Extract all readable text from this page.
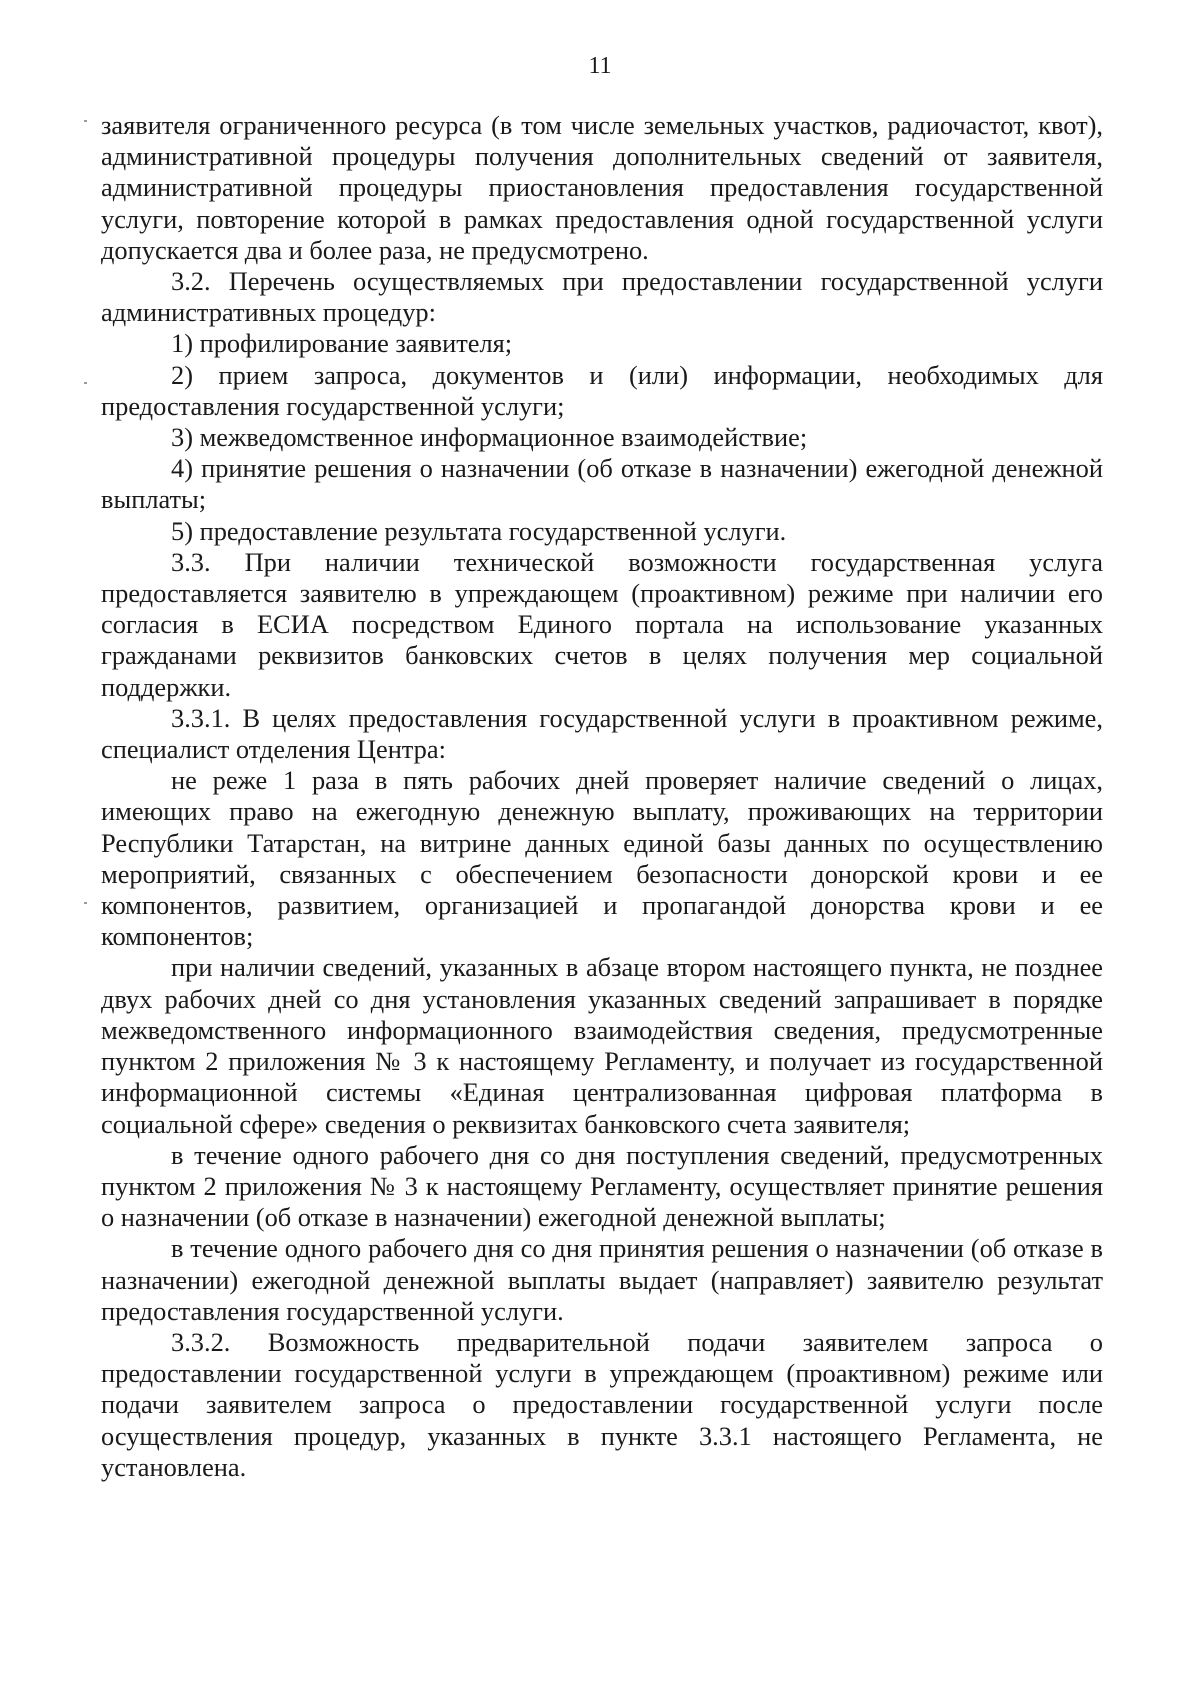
11

заявителя ограниченного ресурса (в том числе земельных участков, радиочастот, квот), административной процедуры получения дополнительных сведений от заявителя, административной процедуры приостановления предоставления государственной услуги, повторение которой в рамках предоставления одной государственной услуги допускается два и более раза, не предусмотрено.

3.2. Перечень осуществляемых при предоставлении государственной услуги административных процедур:

1) профилирование заявителя;

2) прием запроса, документов и (или) информации, необходимых для предоставления государственной услуги;

3) межведомственное информационное взаимодействие;

4) принятие решения о назначении (об отказе в назначении) ежегодной денежной выплаты;

5) предоставление результата государственной услуги.

3.3. При наличии технической возможности государственная услуга предоставляется заявителю в упреждающем (проактивном) режиме при наличии его согласия в ЕСИА посредством Единого портала на использование указанных гражданами реквизитов банковских счетов в целях получения мер социальной поддержки.

3.3.1. В целях предоставления государственной услуги в проактивном режиме, специалист отделения Центра:

не реже 1 раза в пять рабочих дней проверяет наличие сведений о лицах, имеющих право на ежегодную денежную выплату, проживающих на территории Республики Татарстан, на витрине данных единой базы данных по осуществлению мероприятий, связанных с обеспечением безопасности донорской крови и ее компонентов, развитием, организацией и пропагандой донорства крови и ее компонентов;

при наличии сведений, указанных в абзаце втором настоящего пункта, не позднее двух рабочих дней со дня установления указанных сведений запрашивает в порядке межведомственного информационного взаимодействия сведения, предусмотренные пунктом 2 приложения № 3 к настоящему Регламенту, и получает из государственной информационной системы «Единая централизованная цифровая платформа в социальной сфере» сведения о реквизитах банковского счета заявителя;

в течение одного рабочего дня со дня поступления сведений, предусмотренных пунктом 2 приложения № 3 к настоящему Регламенту, осуществляет принятие решения о назначении (об отказе в назначении) ежегодной денежной выплаты;

в течение одного рабочего дня со дня принятия решения о назначении (об отказе в назначении) ежегодной денежной выплаты выдает (направляет) заявителю результат предоставления государственной услуги.

3.3.2. Возможность предварительной подачи заявителем запроса о предоставлении государственной услуги в упреждающем (проактивном) режиме или подачи заявителем запроса о предоставлении государственной услуги после осуществления процедур, указанных в пункте 3.3.1 настоящего Регламента, не установлена.
